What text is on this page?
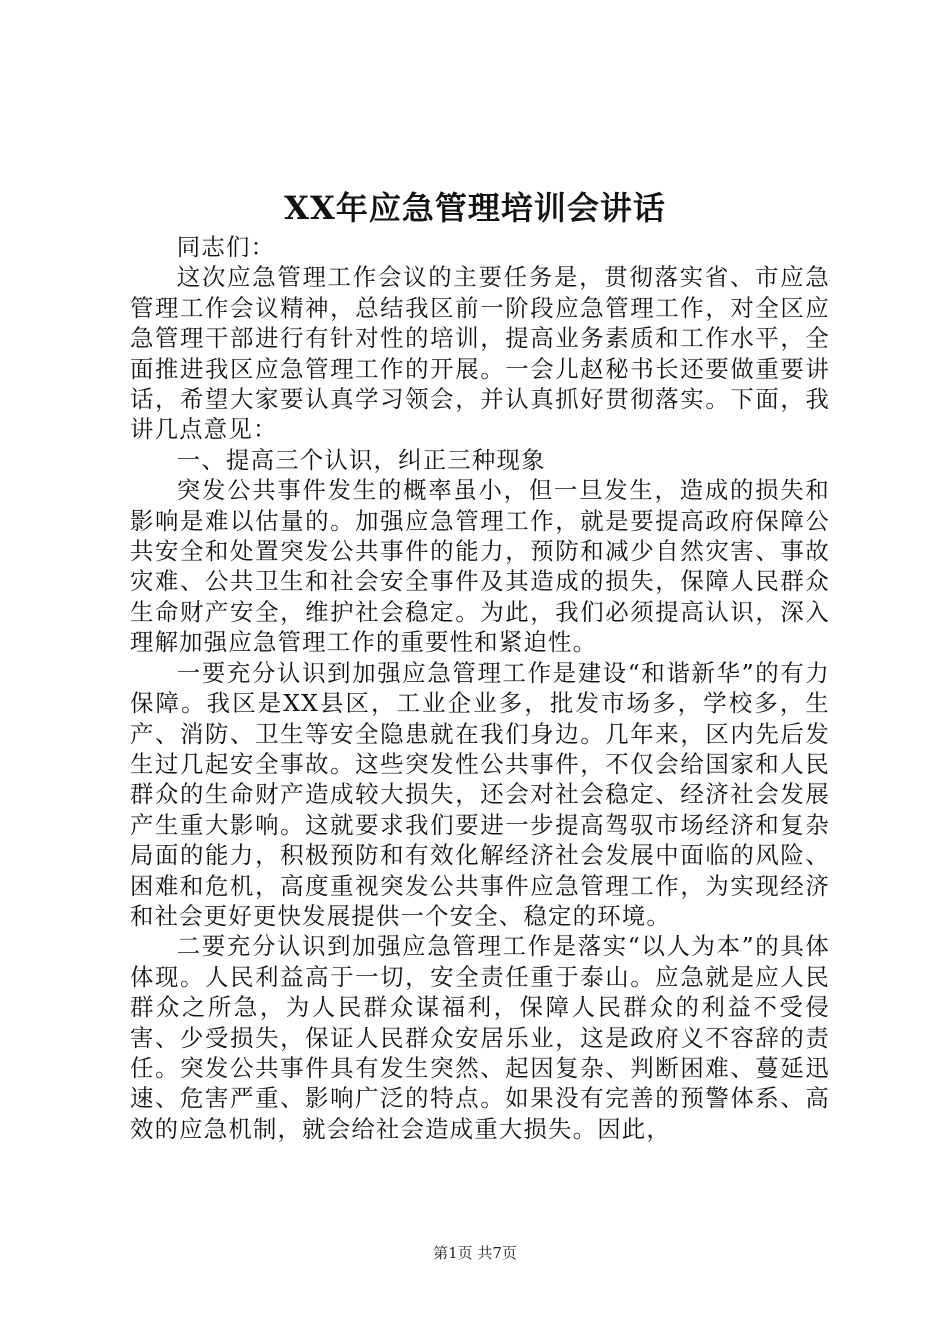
XX年应急管理培训会讲话

同志们：

这次应急管理工作会议的主要任务是，贯彻落实省、市应急管理工作会议精神，总结我区前一阶段应急管理工作，对全区应急管理干部进行有针对性的培训，提高业务素质和工作水平，全面推进我区应急管理工作的开展。一会儿赵秘书长还要做重要讲话，希望大家要认真学习领会，并认真抓好贯彻落实。下面，我讲几点意见：

一、提高三个认识，纠正三种现象

突发公共事件发生的概率虽小，但一旦发生，造成的损失和影响是难以估量的。加强应急管理工作，就是要提高政府保障公共安全和处置突发公共事件的能力，预防和减少自然灾害、事故灾难、公共卫生和社会安全事件及其造成的损失，保障人民群众生命财产安全，维护社会稳定。为此，我们必须提高认识，深入理解加强应急管理工作的重要性和紧迫性。

一要充分认识到加强应急管理工作是建设“和谐新华”的有力保障。我区是XX县区，工业企业多，批发市场多，学校多，生产、消防、卫生等安全隐患就在我们身边。几年来，区内先后发生过几起安全事故。这些突发性公共事件，不仅会给国家和人民群众的生命财产造成较大损失，还会对社会稳定、经济社会发展产生重大影响。这就要求我们要进一步提高驾驭市场经济和复杂局面的能力，积极预防和有效化解经济社会发展中面临的风险、困难和危机，高度重视突发公共事件应急管理工作，为实现经济和社会更好更快发展提供一个安全、稳定的环境。

二要充分认识到加强应急管理工作是落实“以人为本”的具体体现。人民利益高于一切，安全责任重于泰山。应急就是应人民群众之所急，为人民群众谋福利，保障人民群众的利益不受侵害、少受损失，保证人民群众安居乐业，这是政府义不容辞的责任。突发公共事件具有发生突然、起因复杂、判断困难、蔓延迅速、危害严重、影响广泛的特点。如果没有完善的预警体系、高效的应急机制，就会给社会造成重大损失。因此，

第1页 共7页
